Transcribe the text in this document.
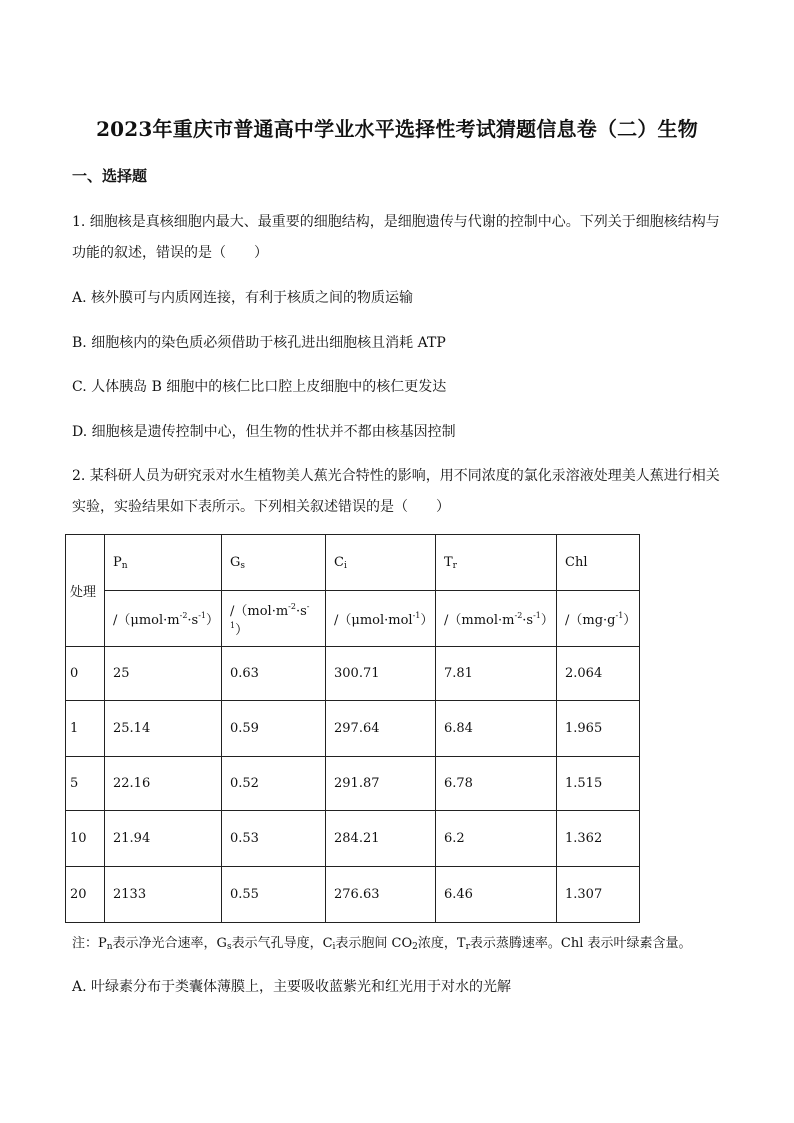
2023年重庆市普通高中学业水平选择性考试猜题信息卷（二）生物
一、选择题
1. 细胞核是真核细胞内最大、最重要的细胞结构，是细胞遗传与代谢的控制中心。下列关于细胞核结构与
功能的叙述，错误的是（　　）
A. 核外膜可与内质网连接，有利于核质之间的物质运输
B. 细胞核内的染色质必须借助于核孔进出细胞核且消耗 ATP
C. 人体胰岛 B 细胞中的核仁比口腔上皮细胞中的核仁更发达
D. 细胞核是遗传控制中心，但生物的性状并不都由核基因控制
2. 某科研人员为研究汞对水生植物美人蕉光合特性的影响，用不同浓度的氯化汞溶液处理美人蕉进行相关
实验，实验结果如下表所示。下列相关叙述错误的是（　　）
处理	$P_n$	$G_s$	$C_i$	$T_r$	Chl
	$/(\mu mol\cdot m^{-2}\cdot s^{-1})$	$/(mol\cdot m^{-2}\cdot s^{-1})$	/（μmol·mol$^{-1}$）	$/(mmol\cdot m^{-2}\cdot s^{-1})$	$/(mg\cdot g^{-1})$
0	25	0.63	300.71	7.81	2.064
1	25.14	0.59	297.64	6.84	1.965
5	22.16	0.52	291.87	6.78	1.515
10	21.94	0.53	284.21	6.2	1.362
20	2133	0.55	276.63	6.46	1.307
注：$P_n$表示净光合速率，$G_s$表示气孔导度，$C_i$表示胞间 $CO_2$浓度，$T_r$表示蒸腾速率。Chl 表示叶绿素含量。
A. 叶绿素分布于类囊体薄膜上，主要吸收蓝紫光和红光用于对水的光解
